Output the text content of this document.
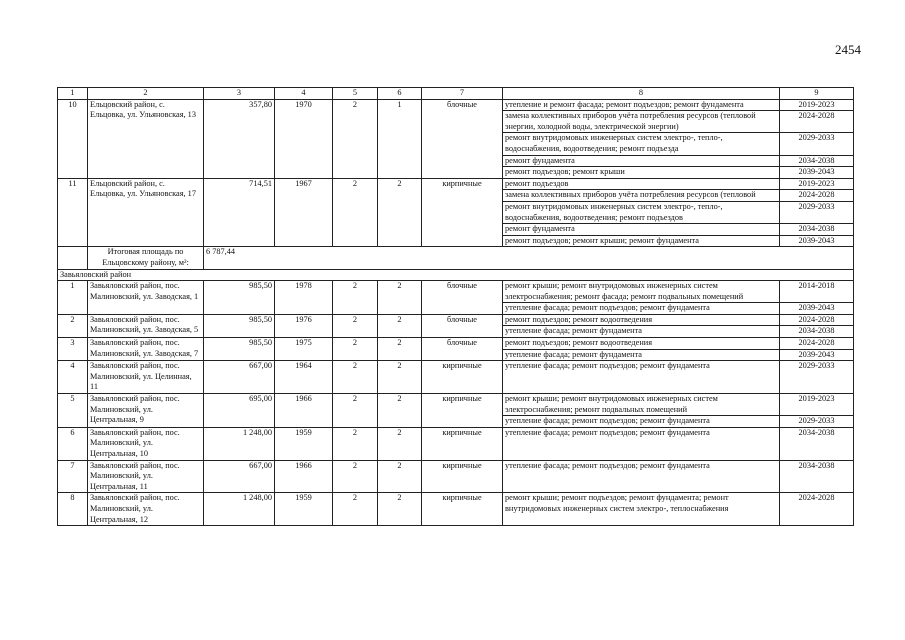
2454
1	2	3	4	5	6	7	8	9
10	Ельцовский район, с. Ельцовка, ул. Ульяновская, 13	357,80	1970	2	1	блочные	утепление и ремонт фасада; ремонт подъездов; ремонт фундамента	2019-2023
							замена коллективных приборов учёта потребления ресурсов (тепловой энергии, холодной воды, электрической энергии)	2024-2028
							ремонт внутридомовых инженерных систем электро-, тепло-, водоснабжения, водоотведения; ремонт подъезда	2029-2033
							ремонт фундамента	2034-2038
							ремонт подъездов; ремонт крыши	2039-2043
11	Ельцовский район, с. Ельцовка, ул. Ульяновская, 17	714,51	1967	2	2	кирпичные	ремонт подъездов	2019-2023
							замена коллективных приборов учёта потребления ресурсов (тепловой	2024-2028
							ремонт внутридомовых инженерных систем электро-, тепло-, водоснабжения, водоотведения; ремонт подъездов	2029-2033
							ремонт фундамента	2034-2038
							ремонт подъездов; ремонт крыши; ремонт фундамента	2039-2043
	Итоговая площадь по Ельцовскому району, м²:	6 787,44						
Завьяловский район								
1	Завьяловский район, пос. Малиновский, ул. Заводская, 1	985,50	1978	2	2	блочные	ремонт крыши; ремонт внутридомовых инженерных систем электроснабжения; ремонт фасада; ремонт подвальных помещений	2014-2018
							утепление фасада; ремонт подъездов; ремонт фундамента	2039-2043
2	Завьяловский район, пос. Малиновский, ул. Заводская, 5	985,50	1976	2	2	блочные	ремонт подъездов; ремонт водоотведения	2024-2028
							утепление фасада; ремонт фундамента	2034-2038
3	Завьяловский район, пос. Малиновский, ул. Заводская, 7	985,50	1975	2	2	блочные	ремонт подъездов; ремонт водоотведения	2024-2028
							утепление фасада; ремонт фундамента	2039-2043
4	Завьяловский район, пос. Малиновский, ул. Целинная, 11	667,00	1964	2	2	кирпичные	утепление фасада; ремонт подъездов; ремонт фундамента	2029-2033
5	Завьяловский район, пос. Малиновский, ул. Центральная, 9	695,00	1966	2	2	кирпичные	ремонт крыши; ремонт внутридомовых инженерных систем электроснабжения; ремонт подвальных помещений	2019-2023
							утепление фасада; ремонт подъездов; ремонт фундамента	2029-2033
6	Завьяловский район, пос. Малиновский, ул. Центральная, 10	1 248,00	1959	2	2	кирпичные	утепление фасада; ремонт подъездов; ремонт фундамента	2034-2038
7	Завьяловский район, пос. Малиновский, ул. Центральная, 11	667,00	1966	2	2	кирпичные	утепление фасада; ремонт подъездов; ремонт фундамента	2034-2038
8	Завьяловский район, пос. Малиновский, ул. Центральная, 12	1 248,00	1959	2	2	кирпичные	ремонт крыши; ремонт подъездов; ремонт фундамента; ремонт внутридомовых инженерных систем электро-, теплоснабжения	2024-2028
